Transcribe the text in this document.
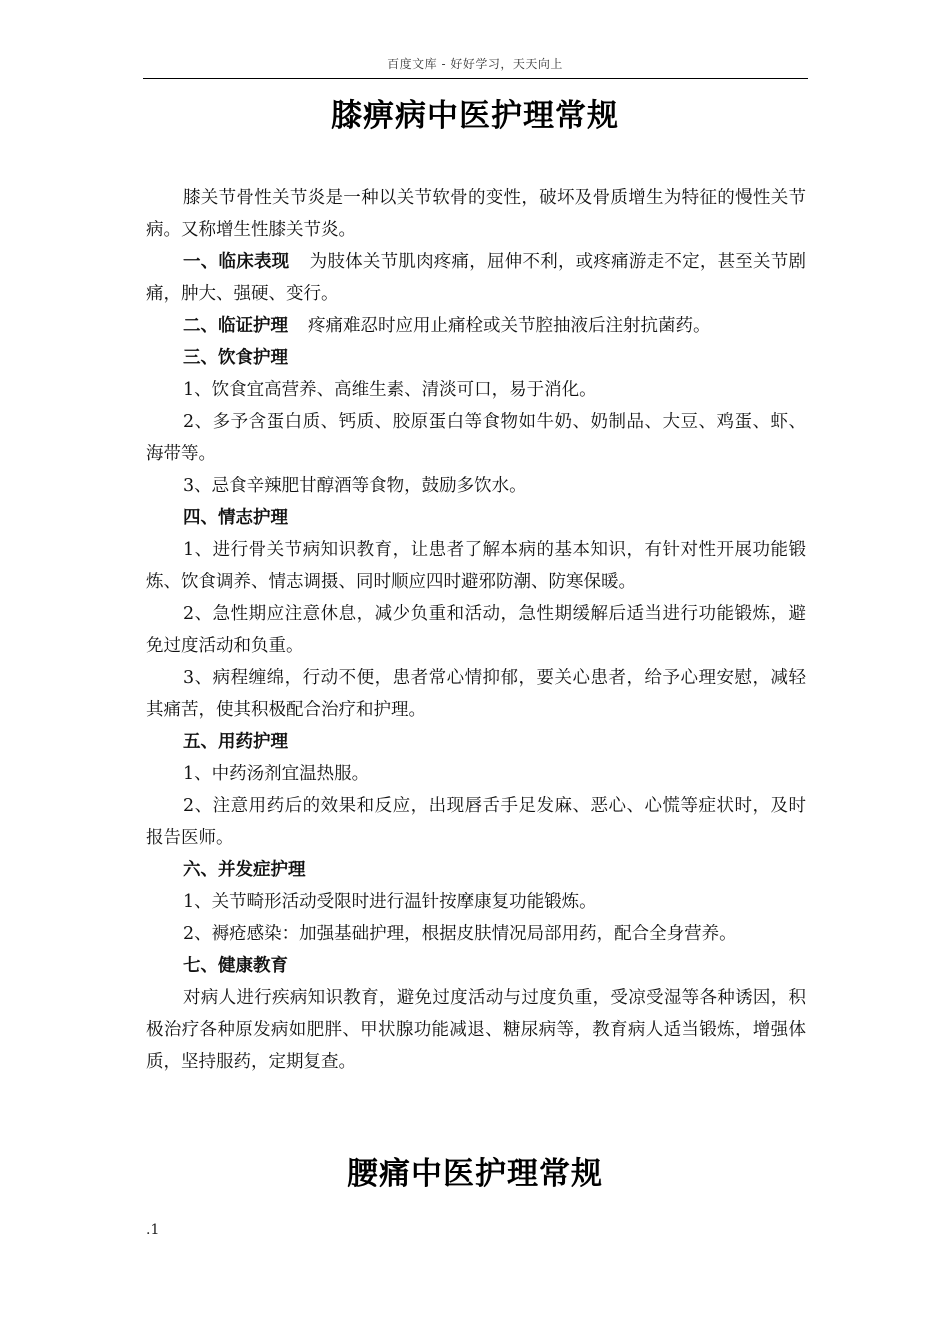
百度文库 - 好好学习，天天向上
膝痹病中医护理常规

膝关节骨性关节炎是一种以关节软骨的变性，破坏及骨质增生为特征的慢性关节病。又称增生性膝关节炎。

一、临床表现 为肢体关节肌肉疼痛，屈伸不利，或疼痛游走不定，甚至关节剧痛，肿大、强硬、变行。

二、临证护理 疼痛难忍时应用止痛栓或关节腔抽液后注射抗菌药。

三、饮食护理

1、饮食宜高营养、高维生素、清淡可口，易于消化。

2、多予含蛋白质、钙质、胶原蛋白等食物如牛奶、奶制品、大豆、鸡蛋、虾、海带等。

3、忌食辛辣肥甘醇酒等食物，鼓励多饮水。

四、情志护理

1、进行骨关节病知识教育，让患者了解本病的基本知识，有针对性开展功能锻炼、饮食调养、情志调摄、同时顺应四时避邪防潮、防寒保暖。

2、急性期应注意休息，减少负重和活动，急性期缓解后适当进行功能锻炼，避免过度活动和负重。

3、病程缠绵，行动不便，患者常心情抑郁，要关心患者，给予心理安慰，减轻其痛苦，使其积极配合治疗和护理。

五、用药护理

1、中药汤剂宜温热服。

2、注意用药后的效果和反应，出现唇舌手足发麻、恶心、心慌等症状时，及时报告医师。

六、并发症护理

1、关节畸形活动受限时进行温针按摩康复功能锻炼。

2、褥疮感染：加强基础护理，根据皮肤情况局部用药，配合全身营养。

七、健康教育

对病人进行疾病知识教育，避免过度活动与过度负重，受凉受湿等各种诱因，积极治疗各种原发病如肥胖、甲状腺功能减退、糖尿病等，教育病人适当锻炼，增强体质，坚持服药，定期复查。

腰痛中医护理常规
.1
